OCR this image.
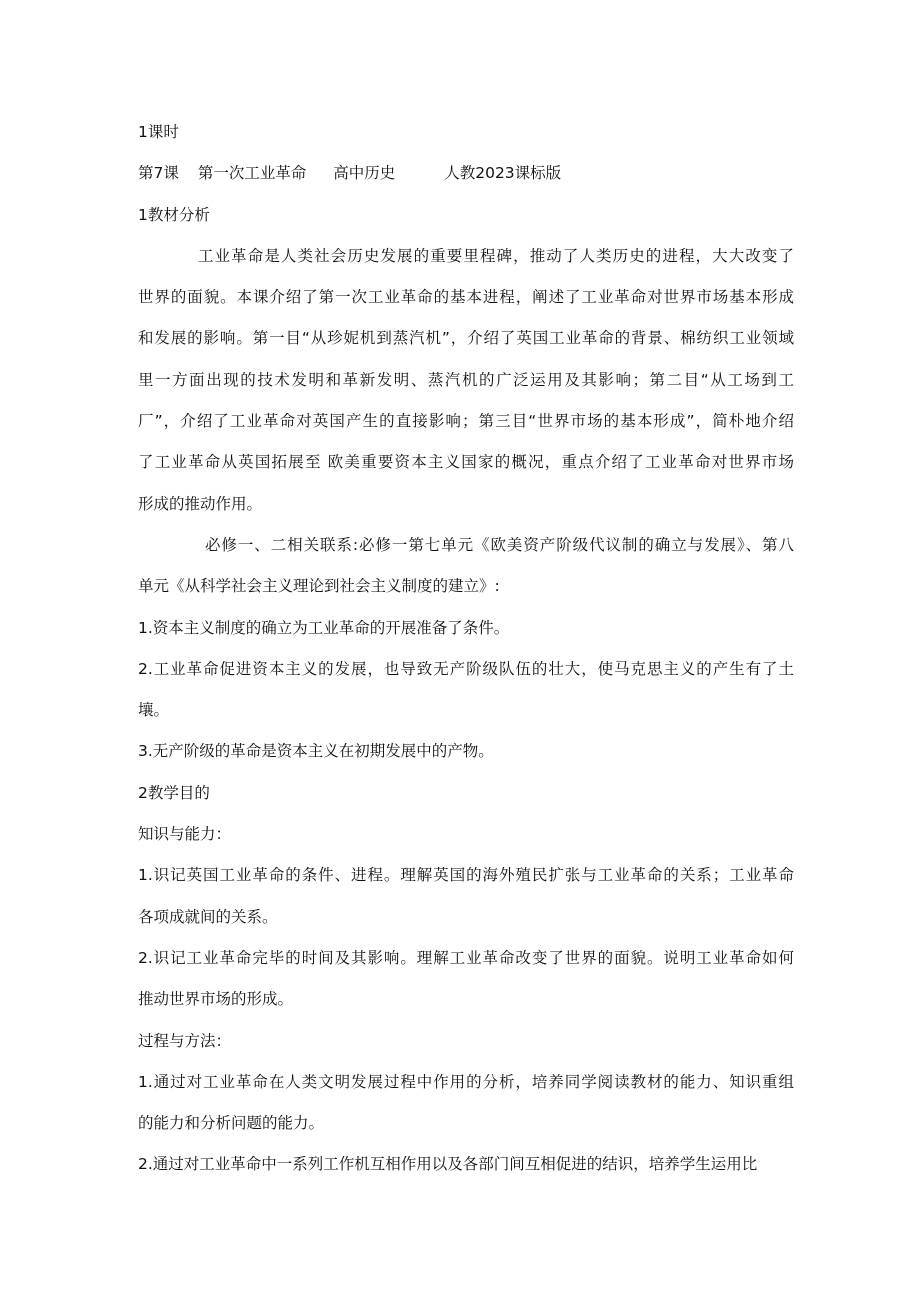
1课时
第7课 第一次工业革命 高中历史	人教2023课标版
1教材分析
工业革命是人类社会历史发展的重要里程碑，推动了人类历史的进程，大大改变了
世界的面貌。本课介绍了第一次工业革命的基本进程，阐述了工业革命对世界市场基本形成
和发展的影响。第一目“从珍妮机到蒸汽机”，介绍了英国工业革命的背景、棉纺织工业领域
里一方面出现的技术发明和革新发明、蒸汽机的广泛运用及其影响；第二目“从工场到工
厂”，介绍了工业革命对英国产生的直接影响；第三目“世界市场的基本形成”，简朴地介绍
了工业革命从英国拓展至 欧美重要资本主义国家的概况，重点介绍了工业革命对世界市场
形成的推动作用。
必修一、二相关联系:必修一第七单元《欧美资产阶级代议制的确立与发展》、第八
单元《从科学社会主义理论到社会主义制度的建立》:
1.资本主义制度的确立为工业革命的开展准备了条件。
2.工业革命促进资本主义的发展，也导致无产阶级队伍的壮大，使马克思主义的产生有了土
壤。
3.无产阶级的革命是资本主义在初期发展中的产物。
2教学目的
知识与能力：
1.识记英国工业革命的条件、进程。理解英国的海外殖民扩张与工业革命的关系；工业革命
各项成就间的关系。
2.识记工业革命完毕的时间及其影响。理解工业革命改变了世界的面貌。说明工业革命如何
推动世界市场的形成。
过程与方法：
1.通过对工业革命在人类文明发展过程中作用的分析，培养同学阅读教材的能力、知识重组
的能力和分析问题的能力。
2.通过对工业革命中一系列工作机互相作用以及各部门间互相促进的结识，培养学生运用比
